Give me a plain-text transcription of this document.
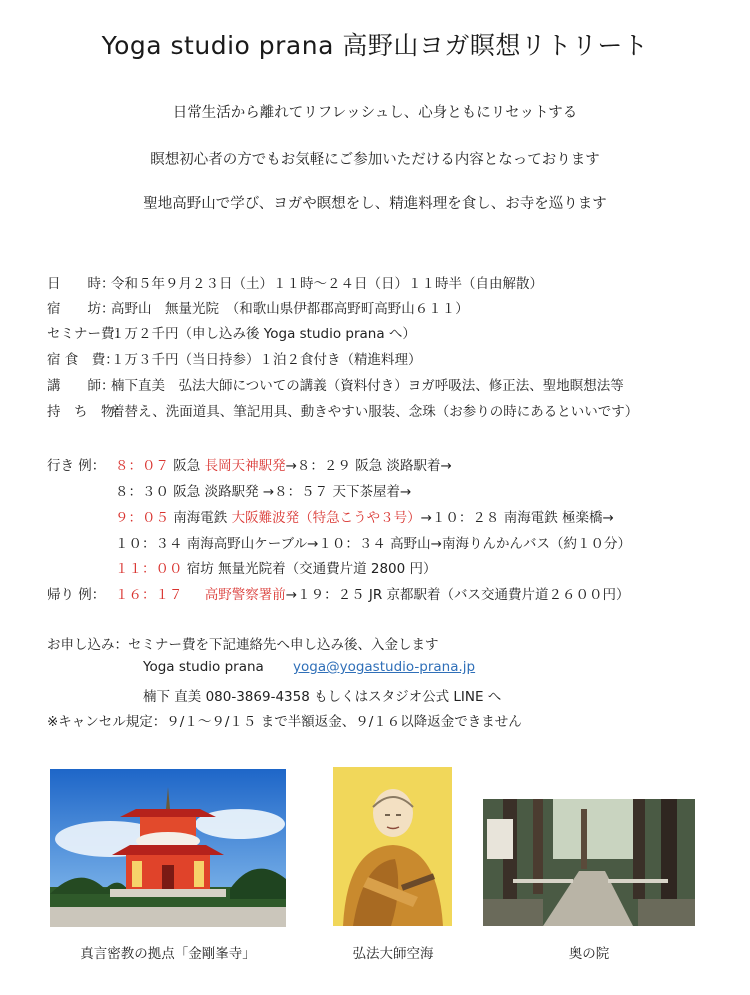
Yoga studio prana 高野山ヨガ瞑想リトリート
日常生活から離れてリフレッシュし、心身ともにリセットする
瞑想初心者の方でもお気軽にご参加いただける内容となっております
聖地高野山で学び、ヨガや瞑想をし、精進料理を食し、お寺を巡ります
日　　時：令和５年９月２３日（土）１１時～２４日（日）１１時半（自由解散）
宿　　坊：高野山　無量光院　（和歌山県伊都郡高野町高野山６１１）
セミナー費：１万２千円（申し込み後 Yoga studio prana へ）
宿 食　費：１万３千円（当日持参）１泊２食付き（精進料理）
講　　師：楠下直美　弘法大師についての講義（資料付き）ヨガ呼吸法、修正法、聖地瞑想法等
持　ち　物：着替え、洗面道具、筆記用具、動きやすい服装、念珠（お参りの時にあるといいです）
行き 例： ８：０７ 阪急 長岡天神駅発→８：２９ 阪急 淡路駅着→
８：３０ 阪急 淡路駅発 →８：５７ 天下茶屋着→
９：０５ 南海電鉄 大阪難波発（特急こうや３号）→１０：２８ 南海電鉄 極楽橋→
１０：３４ 南海高野山ケーブル→１０：３４ 高野山→南海りんかんバス（約１０分）
１１：００ 宿坊 無量光院着（交通費片道 2800 円）
帰り 例： １６：１７ 高野警察署前→１９：２５ JR 京都駅着（バス交通費片道２６００円）
お申し込み：セミナー費を下記連絡先へ申し込み後、入金します
Yoga studio prana yoga@yogastudio-prana.jp
楠下 直美 080-3869-4358 もしくはスタジオ公式 LINE へ
※キャンセル規定：９/１～９/１５ まで半額返金、９/１６以降返金できません
真言密教の拠点「金剛峯寺」	弘法大師空海	奥の院
